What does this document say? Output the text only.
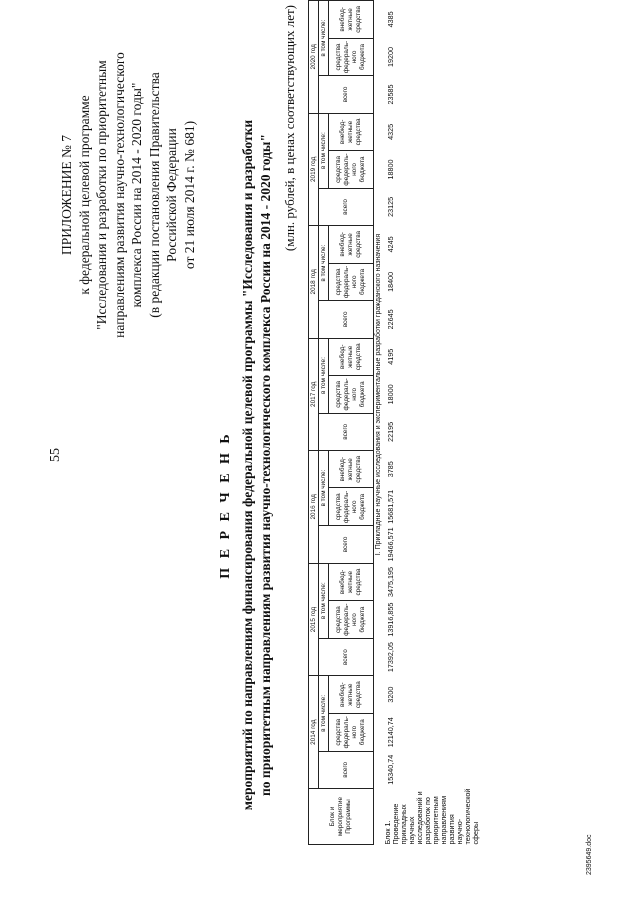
55
ПРИЛОЖЕНИЕ № 7 к федеральной целевой программе "Исследования и разработки по приоритетным направлениям развития научно-технологического комплекса России на 2014 - 2020 годы" (в редакции постановления Правительства Российской Федерации от 21 июля 2014 г. № 681)
П Е Р Е Ч Е Н Ь мероприятий по направлениям финансирования федеральной целевой программы "Исследования и разработки по приоритетным направлениям развития научно-технологического комплекса России на 2014 - 2020 годы"
(млн. рублей, в ценах соответствующих лет)
Блок и мероприятие Программы	2014 год			2015 год			2016 год			2017 год			2018 год			2019 год			2020 год		
	всего	в том числе:		всего	в том числе:		всего	в том числе:		всего	в том числе:		всего	в том числе:		всего	в том числе:		всего	в том числе:	
		средства федераль-ного бюджета	внебюд-жетные средства		средства федераль-ного бюджета	внебюд-жетные средства		средства федераль-ного бюджета	внебюд-жетные средства		средства федераль-ного бюджета	внебюд-жетные средства		средства федераль-ного бюджета	внебюд-жетные средства		средства федераль-ного бюджета	внебюд-жетные средства		средства федераль-ного бюджета	внебюд-жетные средства
	I. Прикладные научные исследования и экспериментальные разработки гражданского назначения																				
Блок 1. Проведение прикладных научных исследований и разработок по приоритетным направлениям развития научно-технологической сферы	15340,74	12140,74	3200	17392,05	13916,855	3475,195	19466,571	15681,571	3785	22195	18000	4195	22645	18400	4245	23125	18800	4325	23585	19200	4385

2395649.doc
